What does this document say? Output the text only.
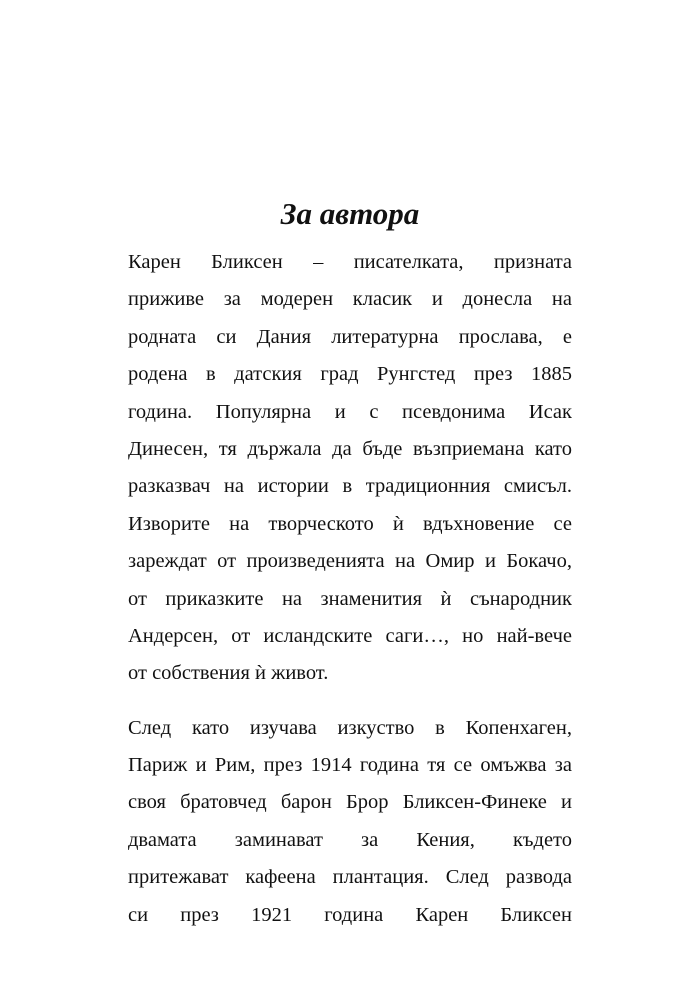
За автора

Карен Бликсен – писателката, призната
приживе за модерен класик и донесла на
родната си Дания литературна прослава, е
родена в датския град Рунгстед през 1885
година. Популярна и с псевдонима Исак
Динесен, тя държала да бъде възприемана като
разказвач на истории в традиционния смисъл.
Изворите на творческото ѝ вдъхновение се
зареждат от произведенията на Омир и Бокачо,
от приказките на знаменития ѝ сънародник
Андерсен, от исландските саги…, но най-вече
от собствения ѝ живот.

След като изучава изкуство в Копенхаген,
Париж и Рим, през 1914 година тя се омъжва за
своя братовчед барон Брор Бликсен-Финеке и
двамата заминават за Кения, където
притежават кафеена плантация. След развода
си през 1921 година Карен Бликсен
